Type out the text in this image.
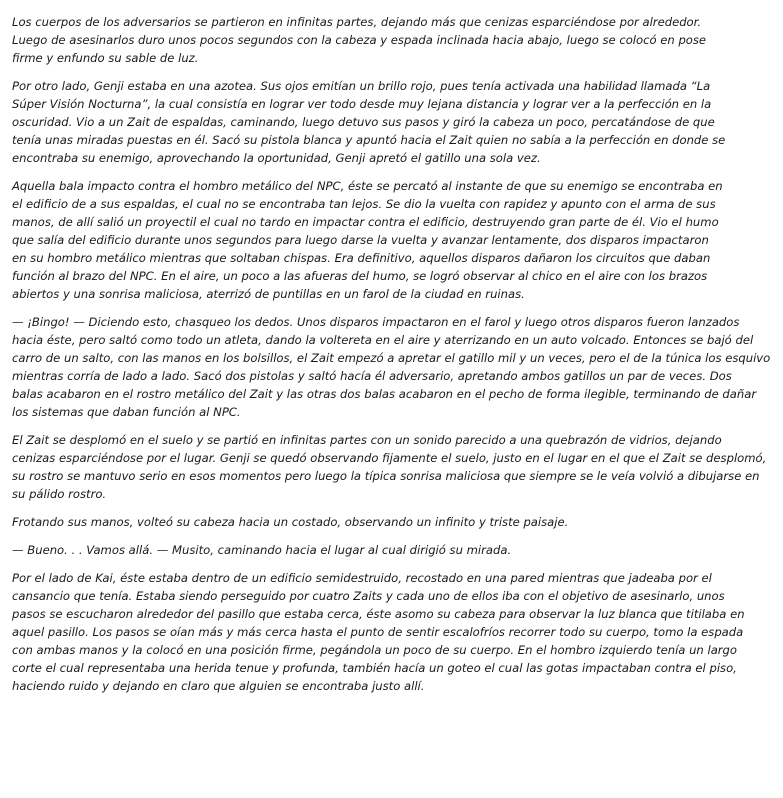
Los cuerpos de los adversarios se partieron en infinitas partes, dejando más que cenizas esparciéndose por alrededor.
Luego de asesinarlos duro unos pocos segundos con la cabeza y espada inclinada hacia abajo, luego se colocó en pose
firme y enfundo su sable de luz.

Por otro lado, Genji estaba en una azotea. Sus ojos emitían un brillo rojo, pues tenía activada una habilidad llamada “La
Súper Visión Nocturna”, la cual consistía en lograr ver todo desde muy lejana distancia y lograr ver a la perfección en la
oscuridad. Vio a un Zait de espaldas, caminando, luego detuvo sus pasos y giró la cabeza un poco, percatándose de que
tenía unas miradas puestas en él. Sacó su pistola blanca y apuntó hacia el Zait quien no sabía a la perfección en donde se
encontraba su enemigo, aprovechando la oportunidad, Genji apretó el gatillo una sola vez.

Aquella bala impacto contra el hombro metálico del NPC, éste se percató al instante de que su enemigo se encontraba en
el edificio de a sus espaldas, el cual no se encontraba tan lejos. Se dio la vuelta con rapidez y apunto con el arma de sus
manos, de allí salió un proyectil el cual no tardo en impactar contra el edificio, destruyendo gran parte de él. Vio el humo
que salía del edificio durante unos segundos para luego darse la vuelta y avanzar lentamente, dos disparos impactaron
en su hombro metálico mientras que soltaban chispas. Era definitivo, aquellos disparos dañaron los circuitos que daban
función al brazo del NPC. En el aire, un poco a las afueras del humo, se logró observar al chico en el aire con los brazos
abiertos y una sonrisa maliciosa, aterrizó de puntillas en un farol de la ciudad en ruinas.

— ¡Bingo! — Diciendo esto, chasqueo los dedos. Unos disparos impactaron en el farol y luego otros disparos fueron lanzados
hacia éste, pero saltó como todo un atleta, dando la voltereta en el aire y aterrizando en un auto volcado. Entonces se bajó del
carro de un salto, con las manos en los bolsillos, el Zait empezó a apretar el gatillo mil y un veces, pero el de la túnica los esquivo
mientras corría de lado a lado. Sacó dos pistolas y saltó hacía él adversario, apretando ambos gatillos un par de veces. Dos
balas acabaron en el rostro metálico del Zait y las otras dos balas acabaron en el pecho de forma ilegible, terminando de dañar
los sistemas que daban función al NPC.

El Zait se desplomó en el suelo y se partió en infinitas partes con un sonido parecido a una quebrazón de vidrios, dejando
cenizas esparciéndose por el lugar. Genji se quedó observando fijamente el suelo, justo en el lugar en el que el Zait se desplomó,
su rostro se mantuvo serio en esos momentos pero luego la típica sonrisa maliciosa que siempre se le veía volvió a dibujarse en
su pálido rostro.

Frotando sus manos, volteó su cabeza hacia un costado, observando un infinito y triste paisaje.

— Bueno. . . Vamos allá. — Musito, caminando hacia el lugar al cual dirigió su mirada.

Por el lado de Kai, éste estaba dentro de un edificio semidestruido, recostado en una pared mientras que jadeaba por el
cansancio que tenía. Estaba siendo perseguido por cuatro Zaits y cada uno de ellos iba con el objetivo de asesinarlo, unos
pasos se escucharon alrededor del pasillo que estaba cerca, éste asomo su cabeza para observar la luz blanca que titilaba en
aquel pasillo. Los pasos se oían más y más cerca hasta el punto de sentir escalofríos recorrer todo su cuerpo, tomo la espada
con ambas manos y la colocó en una posición firme, pegándola un poco de su cuerpo. En el hombro izquierdo tenía un largo
corte el cual representaba una herida tenue y profunda, también hacía un goteo el cual las gotas impactaban contra el piso,
haciendo ruido y dejando en claro que alguien se encontraba justo allí.
